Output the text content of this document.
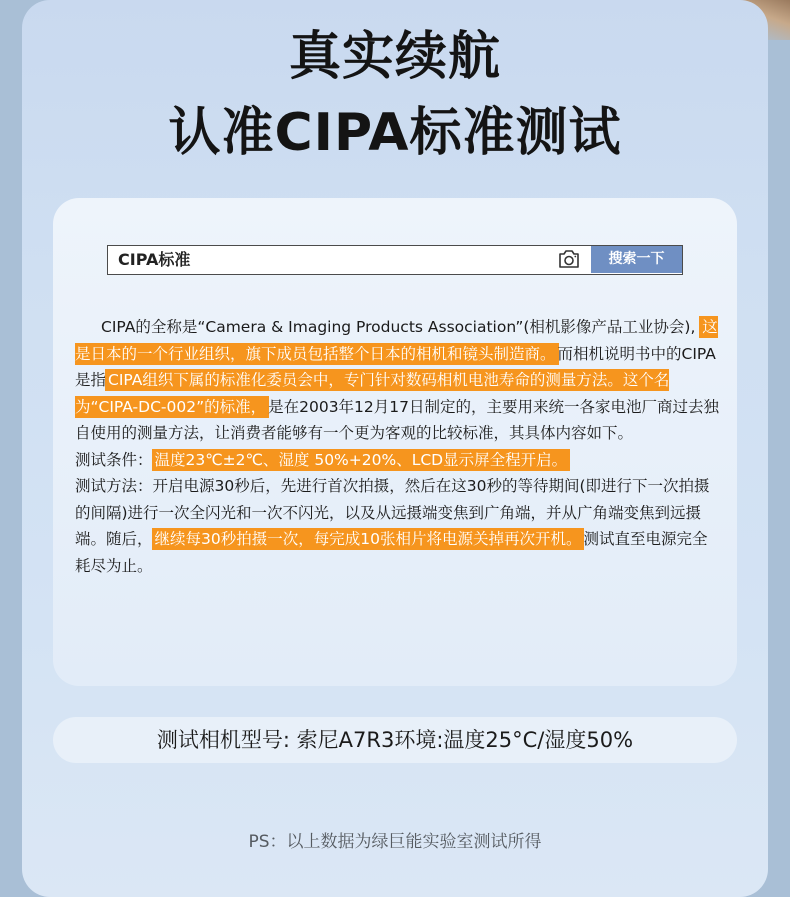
真实续航
认准CIPA标准测试
CIPA标准	搜索一下

CIPA的全称是“Camera & Imaging Products Association”(相机影像产品工业协会), 这是日本的一个行业组织，旗下成员包括整个日本的相机和镜头制造商。 而相机说明书中的CIPA是指 CIPA组织下属的标准化委员会中，专门针对数码相机电池寿命的测量方法。这个名为“CIPA-DC-002”的标准， 是在2003年12月17日制定的，主要用来统一各家电池厂商过去独自使用的测量方法，让消费者能够有一个更为客观的比较标准，其具体内容如下。

测试条件： 温度23℃±2℃、湿度 50%+20%、LCD显示屏全程开启。

测试方法：开启电源30秒后，先进行首次拍摄，然后在这30秒的等待期间(即进行下一次拍摄的间隔)进行一次全闪光和一次不闪光，以及从远摄端变焦到广角端，并从广角端变焦到远摄端。随后， 继续每30秒拍摄一次，每完成10张相片将电源关掉再次开机。 测试直至电源完全耗尽为止。

测试相机型号: 索尼A7R3环境:温度25°C/湿度50%
PS：以上数据为绿巨能实验室测试所得
